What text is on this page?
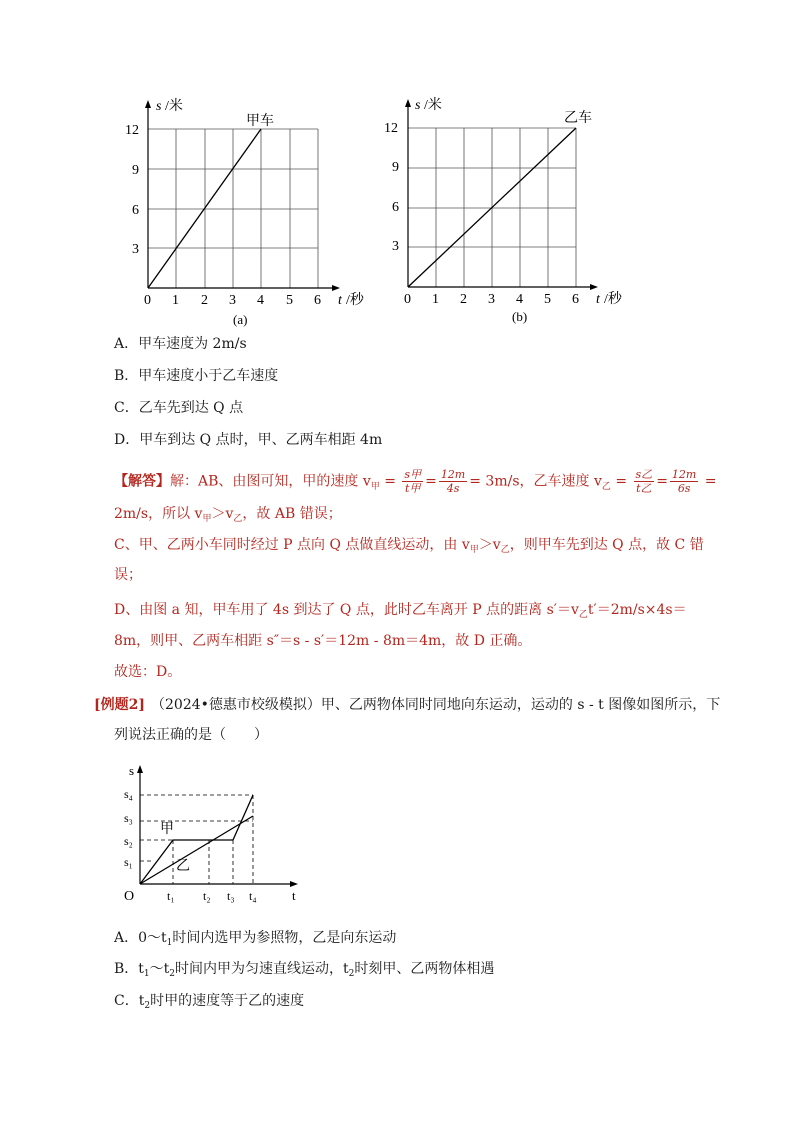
s /米
t /秒
3
6
9
12
0 1 2 3 4 5 6
甲车
(a)
s /米
t /秒
3
6
9
12
0 1 2 3 4 5 6
乙车
(b)
A．甲车速度为 2m/s
B．甲车速度小于乙车速度
C．乙车先到达 Q 点
D．甲车到达 Q 点时，甲、乙两车相距 4m
【解答】解：AB、由图可知，甲的速度 $v_甲 = \frac{\text{s甲}}{\text{t甲}} = \frac{12m}{4s} = 3m/s$，乙车速度 $v_乙 = \frac{\text{s乙}}{\text{t乙}} = \frac{12m}{6s}$ =
2m/s，所以 $v_甲>v_乙$，故 AB 错误；
C、甲、乙两小车同时经过 P 点向 Q 点做直线运动，由 $v_甲>v_乙$，则甲车先到达 Q 点，故 C 错
误；
D、由图 a 知，甲车用了 4s 到达了 Q 点，此时乙车离开 P 点的距离 $s'=v_乙t'=2m/s\times 4s=$
8m，则甲、乙两车相距 s″＝s - s′＝12m - 8m＝4m，故 D 正确。
故选：D。
[例题2] （2024•德惠市校级模拟）甲、乙两物体同时同地向东运动，运动的 s - t 图像如图所示，下
列说法正确的是（　　）
s
t
O
s₁
s₂
s₃
s₄
t₁ t₂ t₃ t₄
甲
乙
A．$0\sim t_1$时间内选甲为参照物，乙是向东运动
B．$t_1\sim t_2$时间内甲为匀速直线运动，$t_2$时刻甲、乙两物体相遇
C．$t_2$时甲的速度等于乙的速度
